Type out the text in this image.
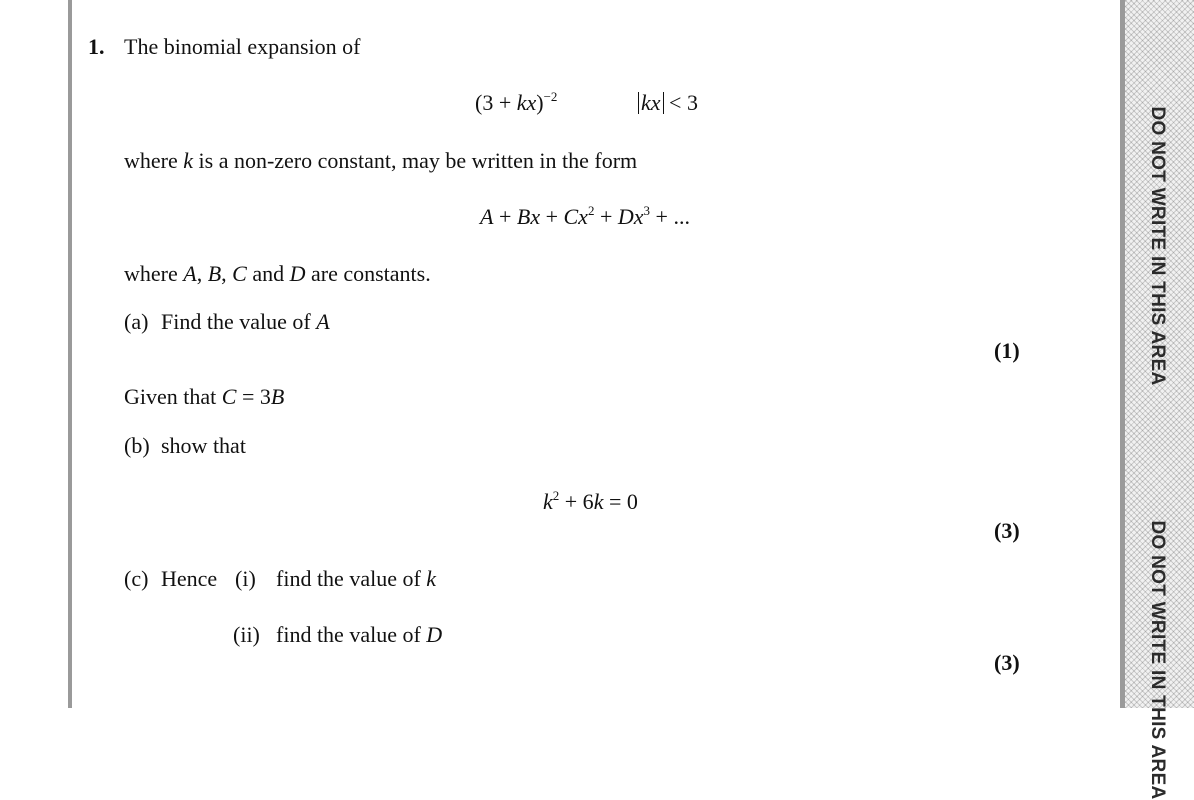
DO NOT WRITE IN THIS AREA
DO NOT WRITE IN THIS AREA
1. The binomial expansion of
(3 + kx)$^{-2}$	kx < 3
where k is a non-zero constant, may be written in the form
$A + Bx + Cx^2 + Dx^3$ + ...
where A, B, C and D are constants.
(a) Find the value of A
(1)
Given that C = 3B
(b) show that
$k^2 + 6k = 0$
(3)
(c) Hence (i) find the value of k
(ii) find the value of D
(3)
